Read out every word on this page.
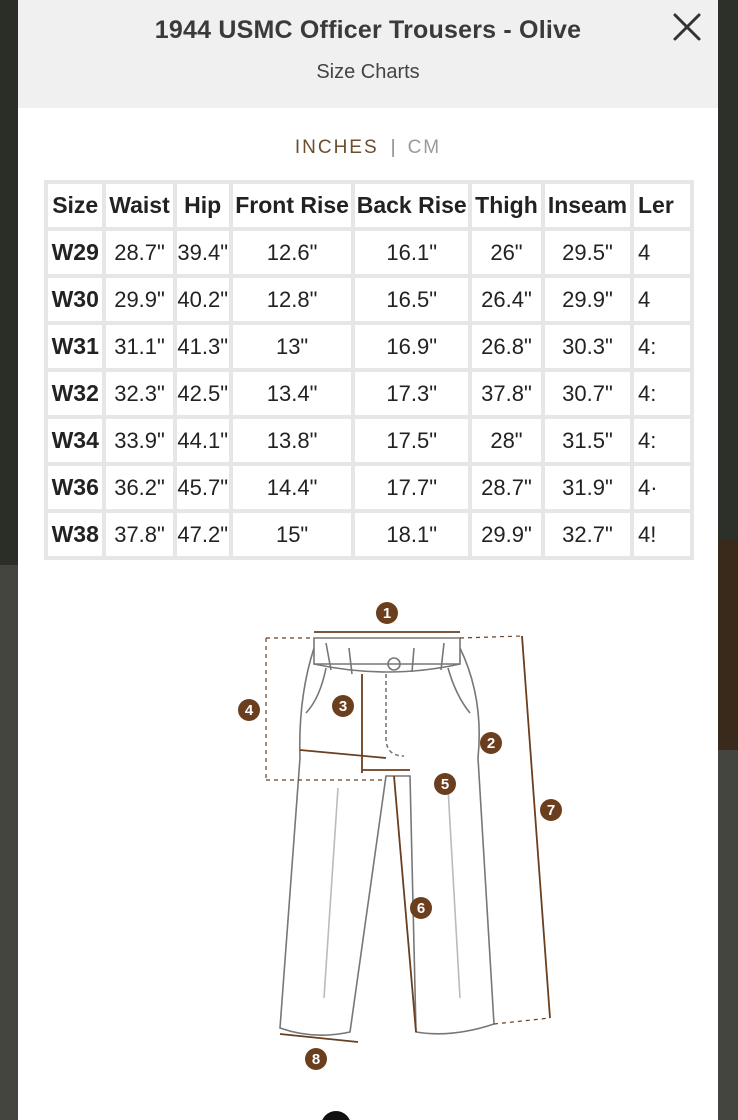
1944 USMC Officer Trousers - Olive
Size Charts
INCHES | CM
Size	Waist	Hip	Front Rise	Back Rise	Thigh	Inseam	Ler
W29	28.7"	39.4"	12.6"	16.1"	26"	29.5"	4
W30	29.9"	40.2"	12.8"	16.5"	26.4"	29.9"	4
W31	31.1"	41.3"	13"	16.9"	26.8"	30.3"	4:
W32	32.3"	42.5"	13.4"	17.3"	37.8"	30.7"	4:
W34	33.9"	44.1"	13.8"	17.5"	28"	31.5"	4:
W36	36.2"	45.7"	14.4"	17.7"	28.7"	31.9"	4·
W38	37.8"	47.2"	15"	18.1"	29.9"	32.7"	4!
1
2
3
4
5
6
7
8
